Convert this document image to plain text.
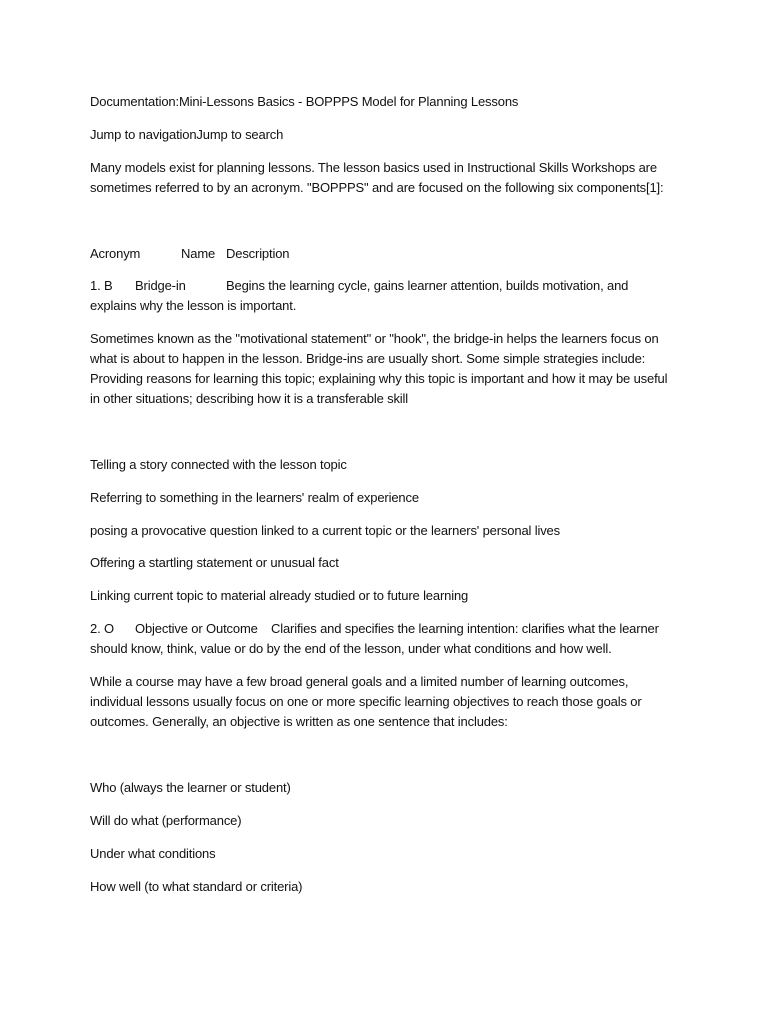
Documentation:Mini-Lessons Basics - BOPPPS Model for Planning Lessons
Jump to navigationJump to search
Many models exist for planning lessons. The lesson basics used in Instructional Skills Workshops are
sometimes referred to by an acronym. "BOPPPS" and are focused on the following six components[1]:
Acronym	Name Description
1. B Bridge-in	Begins the learning cycle, gains learner attention, builds motivation, and
explains why the lesson is important.
Sometimes known as the "motivational statement" or "hook", the bridge-in helps the learners focus on
what is about to happen in the lesson. Bridge-ins are usually short. Some simple strategies include:
Providing reasons for learning this topic; explaining why this topic is important and how it may be useful
in other situations; describing how it is a transferable skill
Telling a story connected with the lesson topic
Referring to something in the learners' realm of experience
posing a provocative question linked to a current topic or the learners' personal lives
Offering a startling statement or unusual fact
Linking current topic to material already studied or to future learning
2. O Objective or Outcome Clarifies and specifies the learning intention: clarifies what the learner
should know, think, value or do by the end of the lesson, under what conditions and how well.
While a course may have a few broad general goals and a limited number of learning outcomes,
individual lessons usually focus on one or more specific learning objectives to reach those goals or
outcomes. Generally, an objective is written as one sentence that includes:
Who (always the learner or student)
Will do what (performance)
Under what conditions
How well (to what standard or criteria)
